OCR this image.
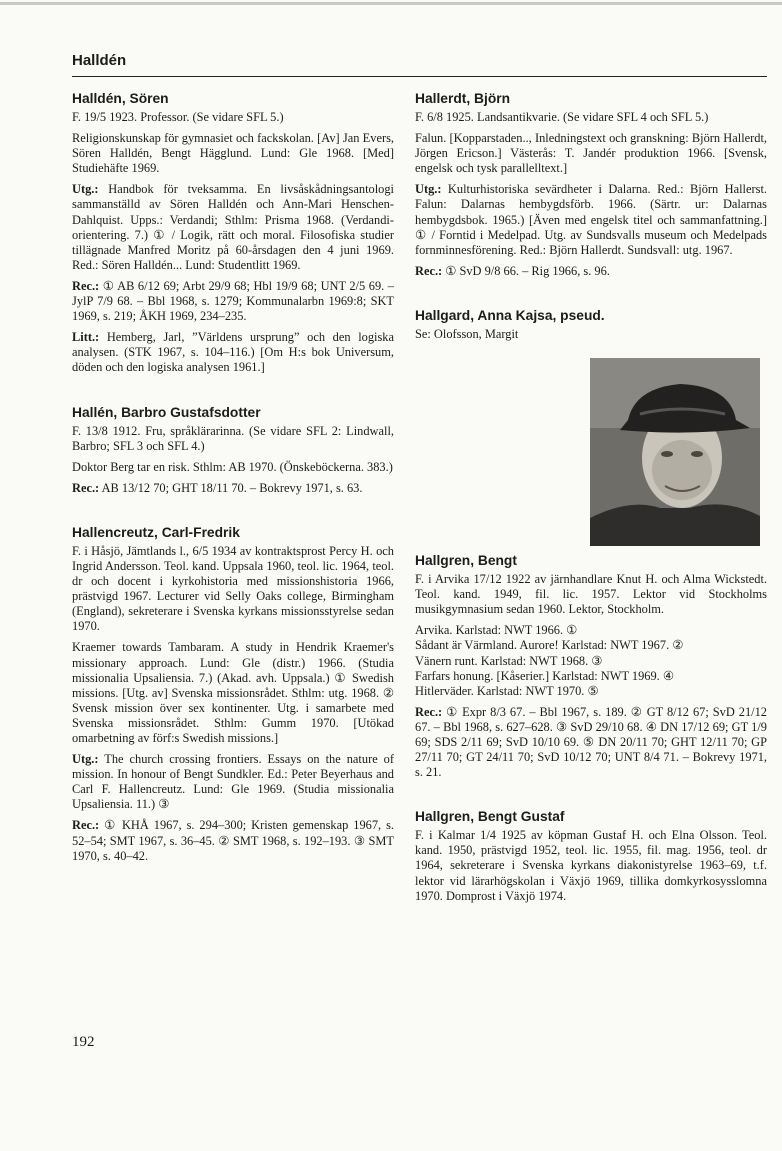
Halldén
Halldén, Sören

F. 19/5 1923. Professor. (Se vidare SFL 5.)

Religionskunskap för gymnasiet och fackskolan. [Av] Jan Evers, Sören Halldén, Bengt Hägglund. Lund: Gle 1968. [Med] Studiehäfte 1969.

Utg.: Handbok för tveksamma. En livsåskådningsantologi sammanställd av Sören Halldén och Ann-Mari Henschen-Dahlquist. Upps.: Verdandi; Sthlm: Prisma 1968. (Verdandi-orientering. 7.) ① / Logik, rätt och moral. Filosofiska studier tillägnade Manfred Moritz på 60-årsdagen den 4 juni 1969. Red.: Sören Halldén... Lund: Studentlitt 1969.

Rec.: ① AB 6/12 69; Arbt 29/9 68; Hbl 19/9 68; UNT 2/5 69. – JylP 7/9 68. – Bbl 1968, s. 1279; Kommunalarbn 1969:8; SKT 1969, s. 219; ÅKH 1969, 234–235.

Litt.: Hemberg, Jarl, ”Världens ursprung” och den logiska analysen. (STK 1967, s. 104–116.) [Om H:s bok Universum, döden och den logiska analysen 1961.]

Hallén, Barbro Gustafsdotter

F. 13/8 1912. Fru, språklärarinna. (Se vidare SFL 2: Lindwall, Barbro; SFL 3 och SFL 4.)

Doktor Berg tar en risk. Sthlm: AB 1970. (Önskeböckerna. 383.)

Rec.: AB 13/12 70; GHT 18/11 70. – Bokrevy 1971, s. 63.

Hallencreutz, Carl-Fredrik

F. i Håsjö, Jämtlands l., 6/5 1934 av kontraktsprost Percy H. och Ingrid Andersson. Teol. kand. Uppsala 1960, teol. lic. 1964, teol. dr och docent i kyrkohistoria med missionshistoria 1966, prästvigd 1967. Lecturer vid Selly Oaks college, Birmingham (England), sekreterare i Svenska kyrkans missionsstyrelse sedan 1970.

Kraemer towards Tambaram. A study in Hendrik Kraemer's missionary approach. Lund: Gle (distr.) 1966. (Studia missionalia Upsaliensia. 7.) (Akad. avh. Uppsala.) ① Swedish missions. [Utg. av] Svenska missionsrådet. Sthlm: utg. 1968. ② Svensk mission över sex kontinenter. Utg. i samarbete med Svenska missionsrådet. Sthlm: Gumm 1970. [Utökad omarbetning av förf:s Swedish missions.]

Utg.: The church crossing frontiers. Essays on the nature of mission. In honour of Bengt Sundkler. Ed.: Peter Beyerhaus and Carl F. Hallencreutz. Lund: Gle 1969. (Studia missionalia Upsaliensia. 11.) ③

Rec.: ① KHÅ 1967, s. 294–300; Kristen gemenskap 1967, s. 52–54; SMT 1967, s. 36–45. ② SMT 1968, s. 192–193. ③ SMT 1970, s. 40–42.

Hallerdt, Björn

F. 6/8 1925. Landsantikvarie. (Se vidare SFL 4 och SFL 5.)

Falun. [Kopparstaden.., Inledningstext och granskning: Björn Hallerdt, Jörgen Ericson.] Västerås: T. Jandér produktion 1966. [Svensk, engelsk och tysk parallelltext.]

Utg.: Kulturhistoriska sevärdheter i Dalarna. Red.: Björn Hallerst. Falun: Dalarnas hembygdsförb. 1966. (Särtr. ur: Dalarnas hembygdsbok. 1965.) [Även med engelsk titel och sammanfattning.] ① / Forntid i Medelpad. Utg. av Sundsvalls museum och Medelpads fornminnesförening. Red.: Björn Hallerdt. Sundsvall: utg. 1967.

Rec.: ① SvD 9/8 66. – Rig 1966, s. 96.

Hallgard, Anna Kajsa, pseud.

Se: Olofsson, Margit

Hallgren, Bengt

F. i Arvika 17/12 1922 av järnhandlare Knut H. och Alma Wickstedt. Teol. kand. 1949, fil. lic. 1957. Lektor vid Stockholms musikgymnasium sedan 1960. Lektor, Stockholm.

Arvika. Karlstad: NWT 1966. ①

Sådant är Värmland. Aurore! Karlstad: NWT 1967. ②

Vänern runt. Karlstad: NWT 1968. ③

Farfars honung. [Kåserier.] Karlstad: NWT 1969. ④

Hitlerväder. Karlstad: NWT 1970. ⑤

Rec.: ① Expr 8/3 67. – Bbl 1967, s. 189. ② GT 8/12 67; SvD 21/12 67. – Bbl 1968, s. 627–628. ③ SvD 29/10 68. ④ DN 17/12 69; GT 1/9 69; SDS 2/11 69; SvD 10/10 69. ⑤ DN 20/11 70; GHT 12/11 70; GP 27/11 70; GT 24/11 70; SvD 10/12 70; UNT 8/4 71. – Bokrevy 1971, s. 21.

Hallgren, Bengt Gustaf

F. i Kalmar 1/4 1925 av köpman Gustaf H. och Elna Olsson. Teol. kand. 1950, prästvigd 1952, teol. lic. 1955, fil. mag. 1956, teol. dr 1964, sekreterare i Svenska kyrkans diakonistyrelse 1963–69, t.f. lektor vid lärarhögskolan i Växjö 1969, tillika domkyrkosysslomna 1970. Domprost i Växjö 1974.

192
